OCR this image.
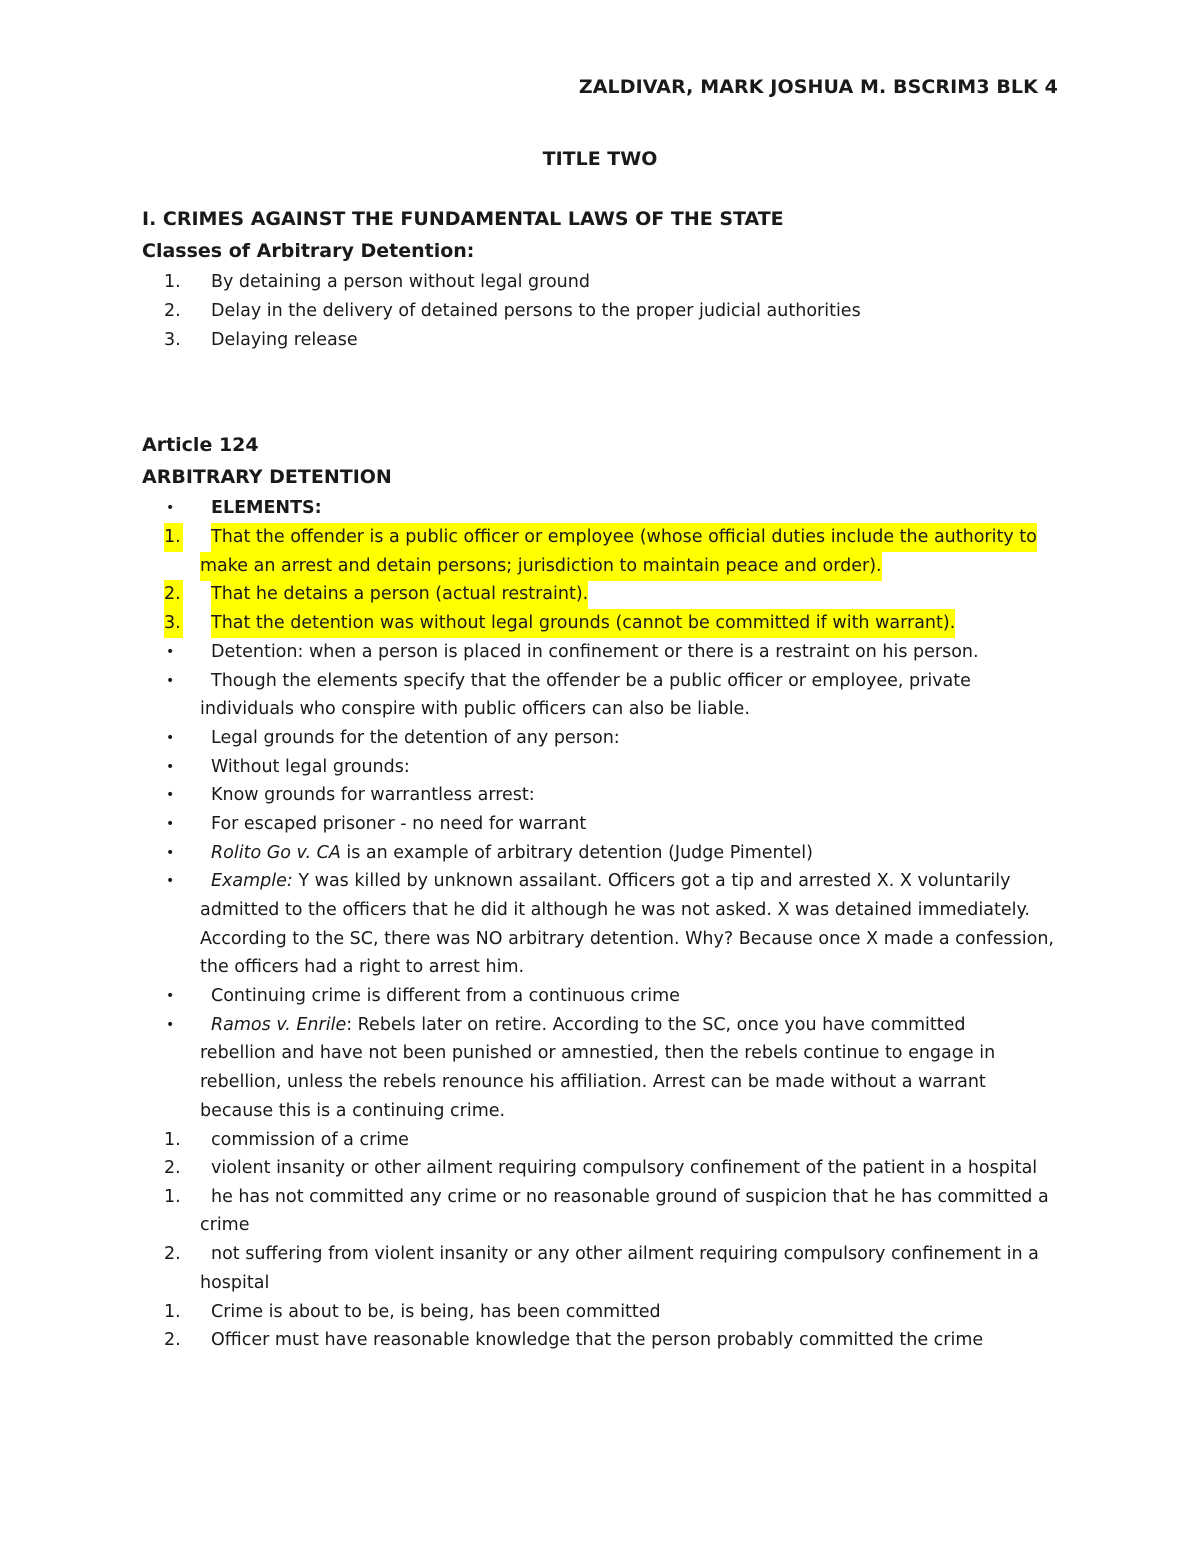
ZALDIVAR, MARK JOSHUA M. BSCRIM3 BLK 4
TITLE TWO
I. CRIMES AGAINST THE FUNDAMENTAL LAWS OF THE STATE
Classes of Arbitrary Detention:
1. By detaining a person without legal ground
2. Delay in the delivery of detained persons to the proper judicial authorities
3. Delaying release
Article 124
ARBITRARY DETENTION
• ELEMENTS:
1. That the offender is a public officer or employee (whose official duties include the authority to
make an arrest and detain persons; jurisdiction to maintain peace and order).
2. That he detains a person (actual restraint).
3. That the detention was without legal grounds (cannot be committed if with warrant).
• Detention: when a person is placed in confinement or there is a restraint on his person.
• Though the elements specify that the offender be a public officer or employee, private
individuals who conspire with public officers can also be liable.
• Legal grounds for the detention of any person:
• Without legal grounds:
• Know grounds for warrantless arrest:
• For escaped prisoner - no need for warrant
• Rolito Go v. CA is an example of arbitrary detention (Judge Pimentel)
• Example: Y was killed by unknown assailant. Officers got a tip and arrested X. X voluntarily
admitted to the officers that he did it although he was not asked. X was detained immediately.
According to the SC, there was NO arbitrary detention. Why? Because once X made a confession,
the officers had a right to arrest him.
• Continuing crime is different from a continuous crime
• Ramos v. Enrile: Rebels later on retire. According to the SC, once you have committed
rebellion and have not been punished or amnestied, then the rebels continue to engage in
rebellion, unless the rebels renounce his affiliation. Arrest can be made without a warrant
because this is a continuing crime.
1. commission of a crime
2. violent insanity or other ailment requiring compulsory confinement of the patient in a hospital
1. he has not committed any crime or no reasonable ground of suspicion that he has committed a
crime
2. not suffering from violent insanity or any other ailment requiring compulsory confinement in a
hospital
1. Crime is about to be, is being, has been committed
2. Officer must have reasonable knowledge that the person probably committed the crime
